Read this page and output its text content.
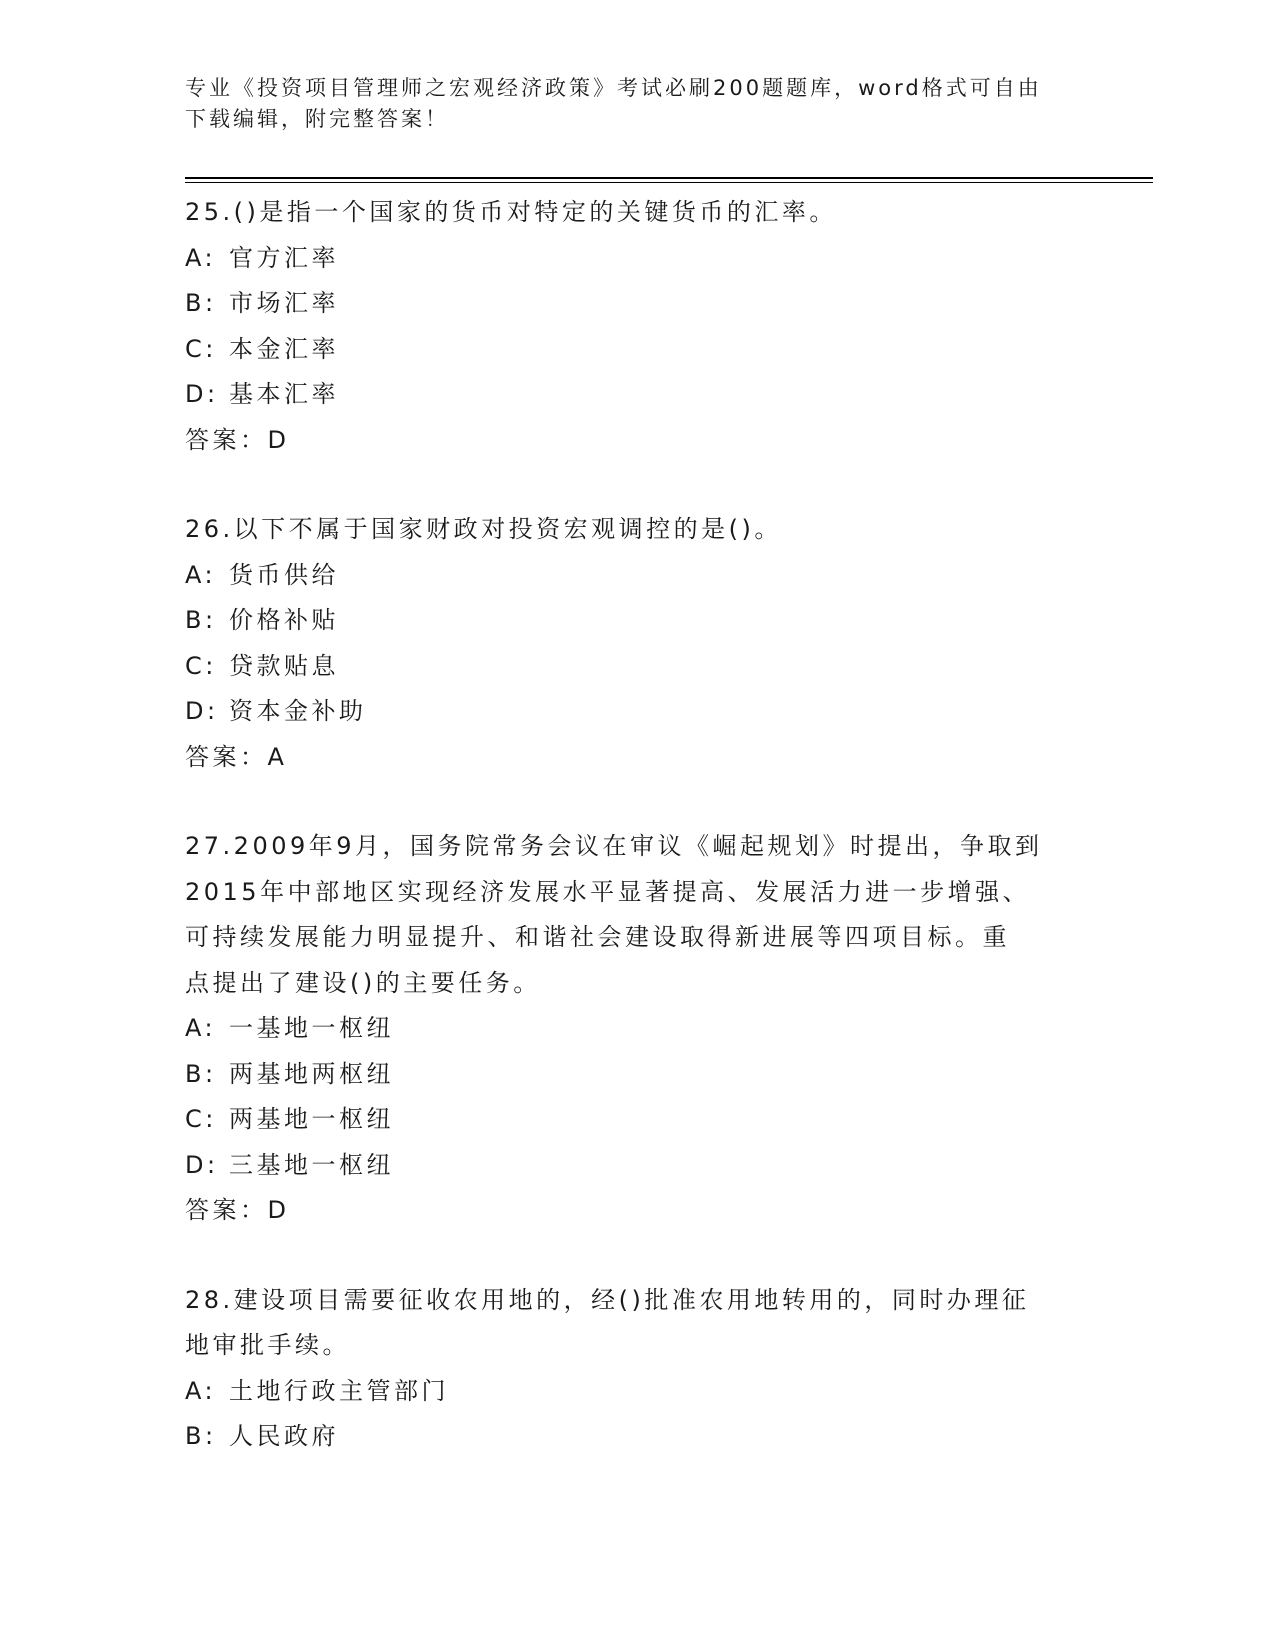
专业《投资项目管理师之宏观经济政策》考试必刷200题题库，word格式可自由
下载编辑，附完整答案！
25.()是指一个国家的货币对特定的关键货币的汇率。
A: 官方汇率
B: 市场汇率
C: 本金汇率
D: 基本汇率
答案：D
26.以下不属于国家财政对投资宏观调控的是()。
A: 货币供给
B: 价格补贴
C: 贷款贴息
D: 资本金补助
答案：A
27.2009年9月，国务院常务会议在审议《崛起规划》时提出，争取到
2015年中部地区实现经济发展水平显著提高、发展活力进一步增强、
可持续发展能力明显提升、和谐社会建设取得新进展等四项目标。重
点提出了建设()的主要任务。
A: 一基地一枢纽
B: 两基地两枢纽
C: 两基地一枢纽
D: 三基地一枢纽
答案：D
28.建设项目需要征收农用地的，经()批准农用地转用的，同时办理征
地审批手续。
A: 土地行政主管部门
B: 人民政府
